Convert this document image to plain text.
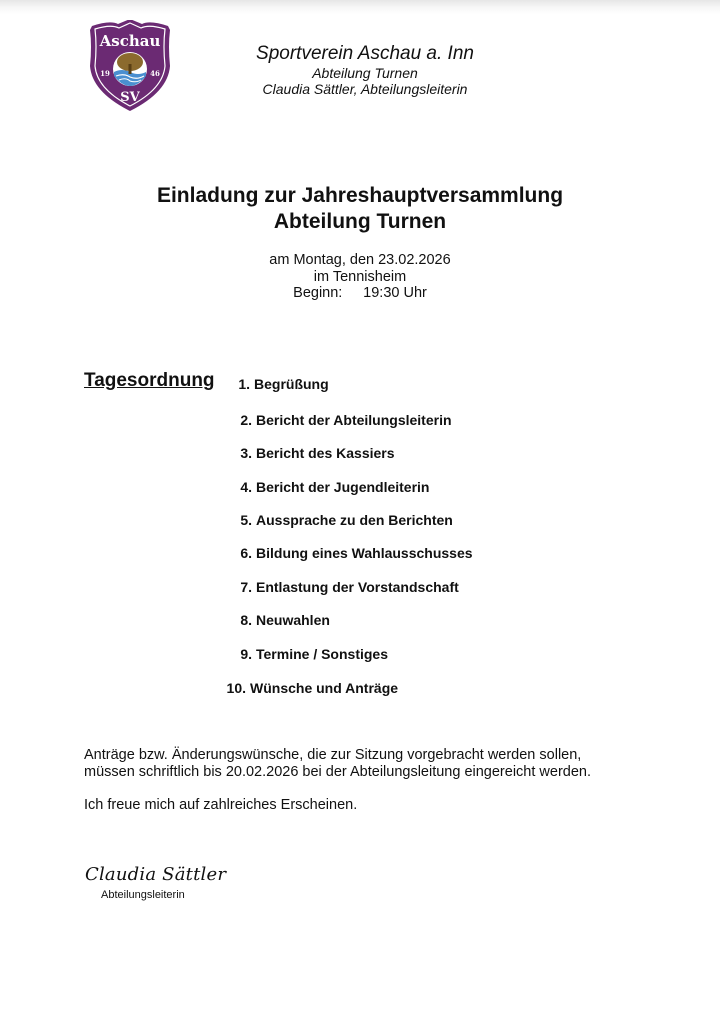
Aschau
19	46
SV
Sportverein Aschau a. Inn
Abteilung Turnen
Claudia Sättler, Abteilungsleiterin
Einladung zur Jahreshauptversammlung
Abteilung Turnen
am Montag, den 23.02.2026
im Tennisheim
Beginn: 19:30 Uhr
Tagesordnung	1. Begrüßung
2. Bericht der Abteilungsleiterin
3. Bericht des Kassiers
4. Bericht der Jugendleiterin
5. Aussprache zu den Berichten
6. Bildung eines Wahlausschusses
7. Entlastung der Vorstandschaft
8. Neuwahlen
9. Termine / Sonstiges
10. Wünsche und Anträge
Anträge bzw. Änderungswünsche, die zur Sitzung vorgebracht werden sollen,
müssen schriftlich bis 20.02.2026 bei der Abteilungsleitung eingereicht werden.
Ich freue mich auf zahlreiches Erscheinen.
Claudia Sättler
Abteilungsleiterin
